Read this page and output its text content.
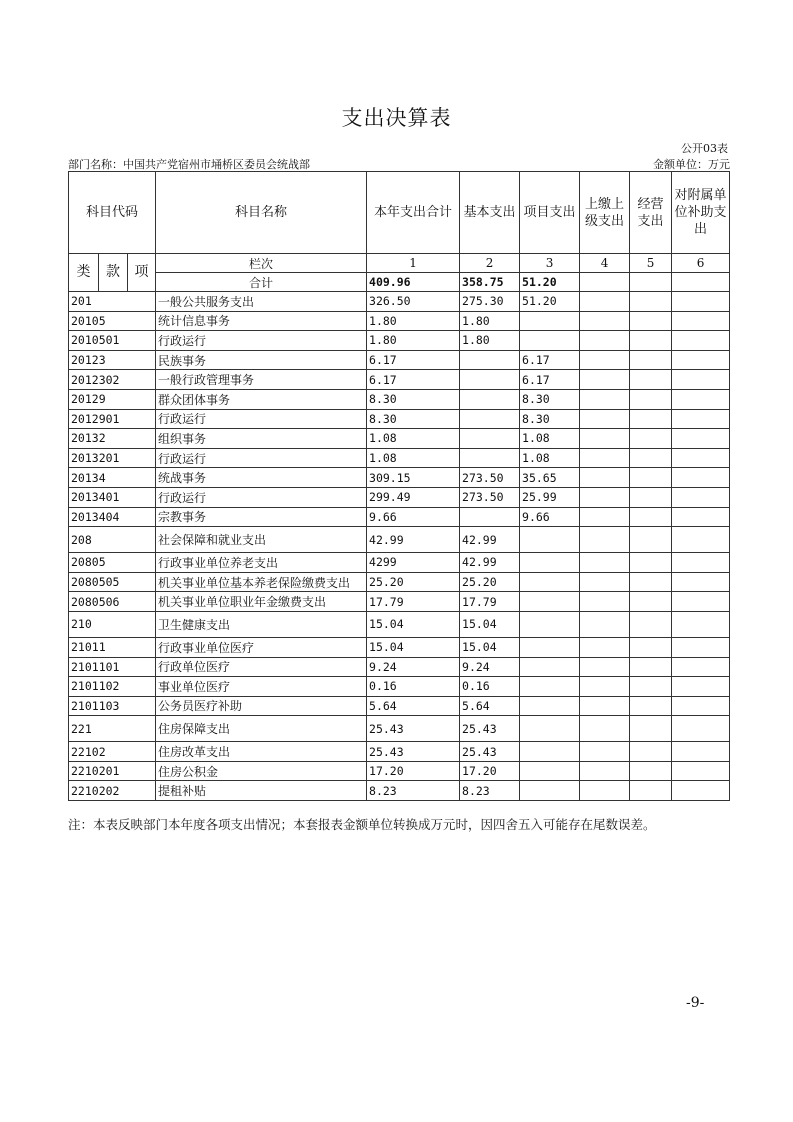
支出决算表
公开03表
部门名称：中国共产党宿州市埇桥区委员会统战部	金额单位：万元
科目代码			科目名称	本年支出合计	基本支出	项目支出	上缴上级支出	经营支出	对附属单位补助支出
类	款	项	栏次	1	2	3	4	5	6
			合计	409.96	358.75	51.20			
201			一般公共服务支出	326.50	275.30	51.20			
20105			统计信息事务	1.80	1.80				
2010501			行政运行	1.80	1.80				
20123			民族事务	6.17		6.17			
2012302			一般行政管理事务	6.17		6.17			
20129			群众团体事务	8.30		8.30			
2012901			行政运行	8.30		8.30			
20132			组织事务	1.08		1.08			
2013201			行政运行	1.08		1.08			
20134			统战事务	309.15	273.50	35.65			
2013401			行政运行	299.49	273.50	25.99			
2013404			宗教事务	9.66		9.66			
208			社会保障和就业支出	42.99	42.99				
20805			行政事业单位养老支出	4299	42.99				
2080505			机关事业单位基本养老保险缴费支出	25.20	25.20				
2080506			机关事业单位职业年金缴费支出	17.79	17.79				
210			卫生健康支出	15.04	15.04				
21011			行政事业单位医疗	15.04	15.04				
2101101			行政单位医疗	9.24	9.24				
2101102			事业单位医疗	0.16	0.16				
2101103			公务员医疗补助	5.64	5.64				
221			住房保障支出	25.43	25.43				
22102			住房改革支出	25.43	25.43				
2210201			住房公积金	17.20	17.20				
2210202			提租补贴	8.23	8.23				
注：本表反映部门本年度各项支出情况；本套报表金额单位转换成万元时，因四舍五入可能存在尾数误差。
-9-
